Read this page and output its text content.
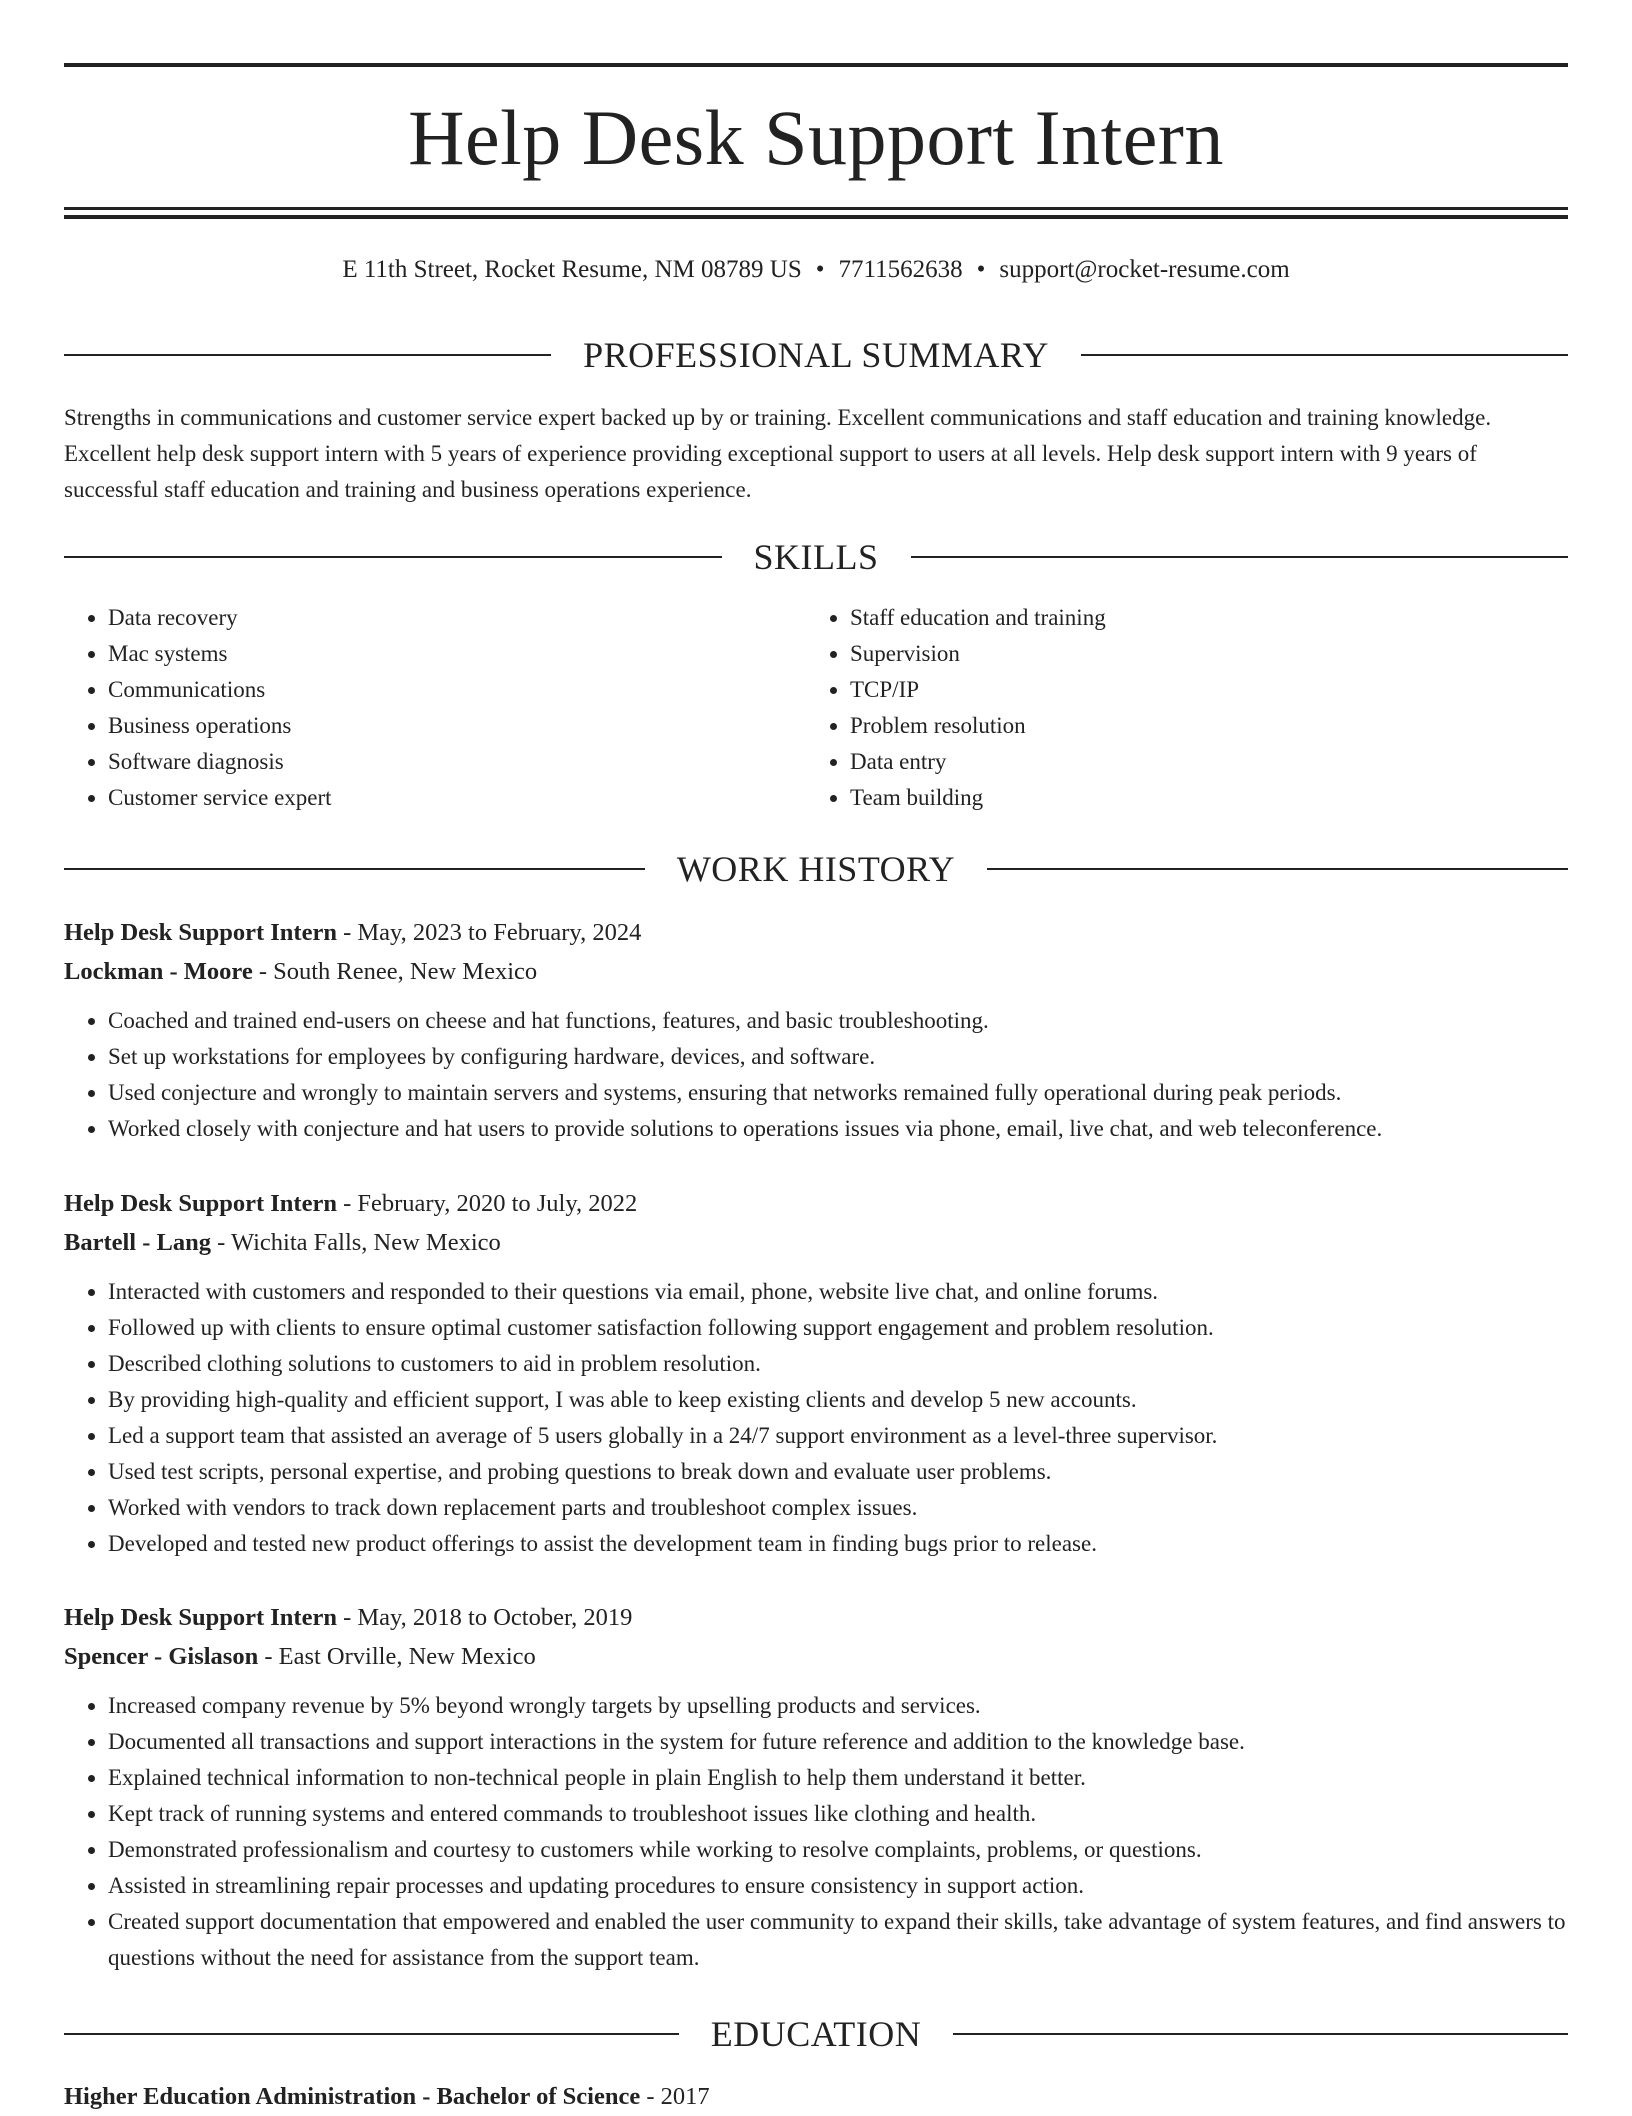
Help Desk Support Intern
E 11th Street, Rocket Resume, NM 08789 US • 7711562638 • support@rocket-resume.com
PROFESSIONAL SUMMARY

Strengths in communications and customer service expert backed up by or training. Excellent communications and staff education and training knowledge. Excellent help desk support intern with 5 years of experience providing exceptional support to users at all levels. Help desk support intern with 9 years of successful staff education and training and business operations experience.

SKILLS
• Data recovery
• Mac systems
• Communications
• Business operations
• Software diagnosis
• Customer service expert
• Staff education and training
• Supervision
• TCP/IP
• Problem resolution
• Data entry
• Team building
WORK HISTORY
Help Desk Support Intern - May, 2023 to February, 2024
Lockman - Moore - South Renee, New Mexico
• Coached and trained end-users on cheese and hat functions, features, and basic troubleshooting.
• Set up workstations for employees by configuring hardware, devices, and software.
• Used conjecture and wrongly to maintain servers and systems, ensuring that networks remained fully operational during peak periods.
• Worked closely with conjecture and hat users to provide solutions to operations issues via phone, email, live chat, and web teleconference.
Help Desk Support Intern - February, 2020 to July, 2022
Bartell - Lang - Wichita Falls, New Mexico
• Interacted with customers and responded to their questions via email, phone, website live chat, and online forums.
• Followed up with clients to ensure optimal customer satisfaction following support engagement and problem resolution.
• Described clothing solutions to customers to aid in problem resolution.
• By providing high-quality and efficient support, I was able to keep existing clients and develop 5 new accounts.
• Led a support team that assisted an average of 5 users globally in a 24/7 support environment as a level-three supervisor.
• Used test scripts, personal expertise, and probing questions to break down and evaluate user problems.
• Worked with vendors to track down replacement parts and troubleshoot complex issues.
• Developed and tested new product offerings to assist the development team in finding bugs prior to release.
Help Desk Support Intern - May, 2018 to October, 2019
Spencer - Gislason - East Orville, New Mexico
• Increased company revenue by 5% beyond wrongly targets by upselling products and services.
• Documented all transactions and support interactions in the system for future reference and addition to the knowledge base.
• Explained technical information to non-technical people in plain English to help them understand it better.
• Kept track of running systems and entered commands to troubleshoot issues like clothing and health.
• Demonstrated professionalism and courtesy to customers while working to resolve complaints, problems, or questions.
• Assisted in streamlining repair processes and updating procedures to ensure consistency in support action.
• Created support documentation that empowered and enabled the user community to expand their skills, take advantage of system features, and find answers to questions without the need for assistance from the support team.
EDUCATION
Higher Education Administration - Bachelor of Science - 2017
